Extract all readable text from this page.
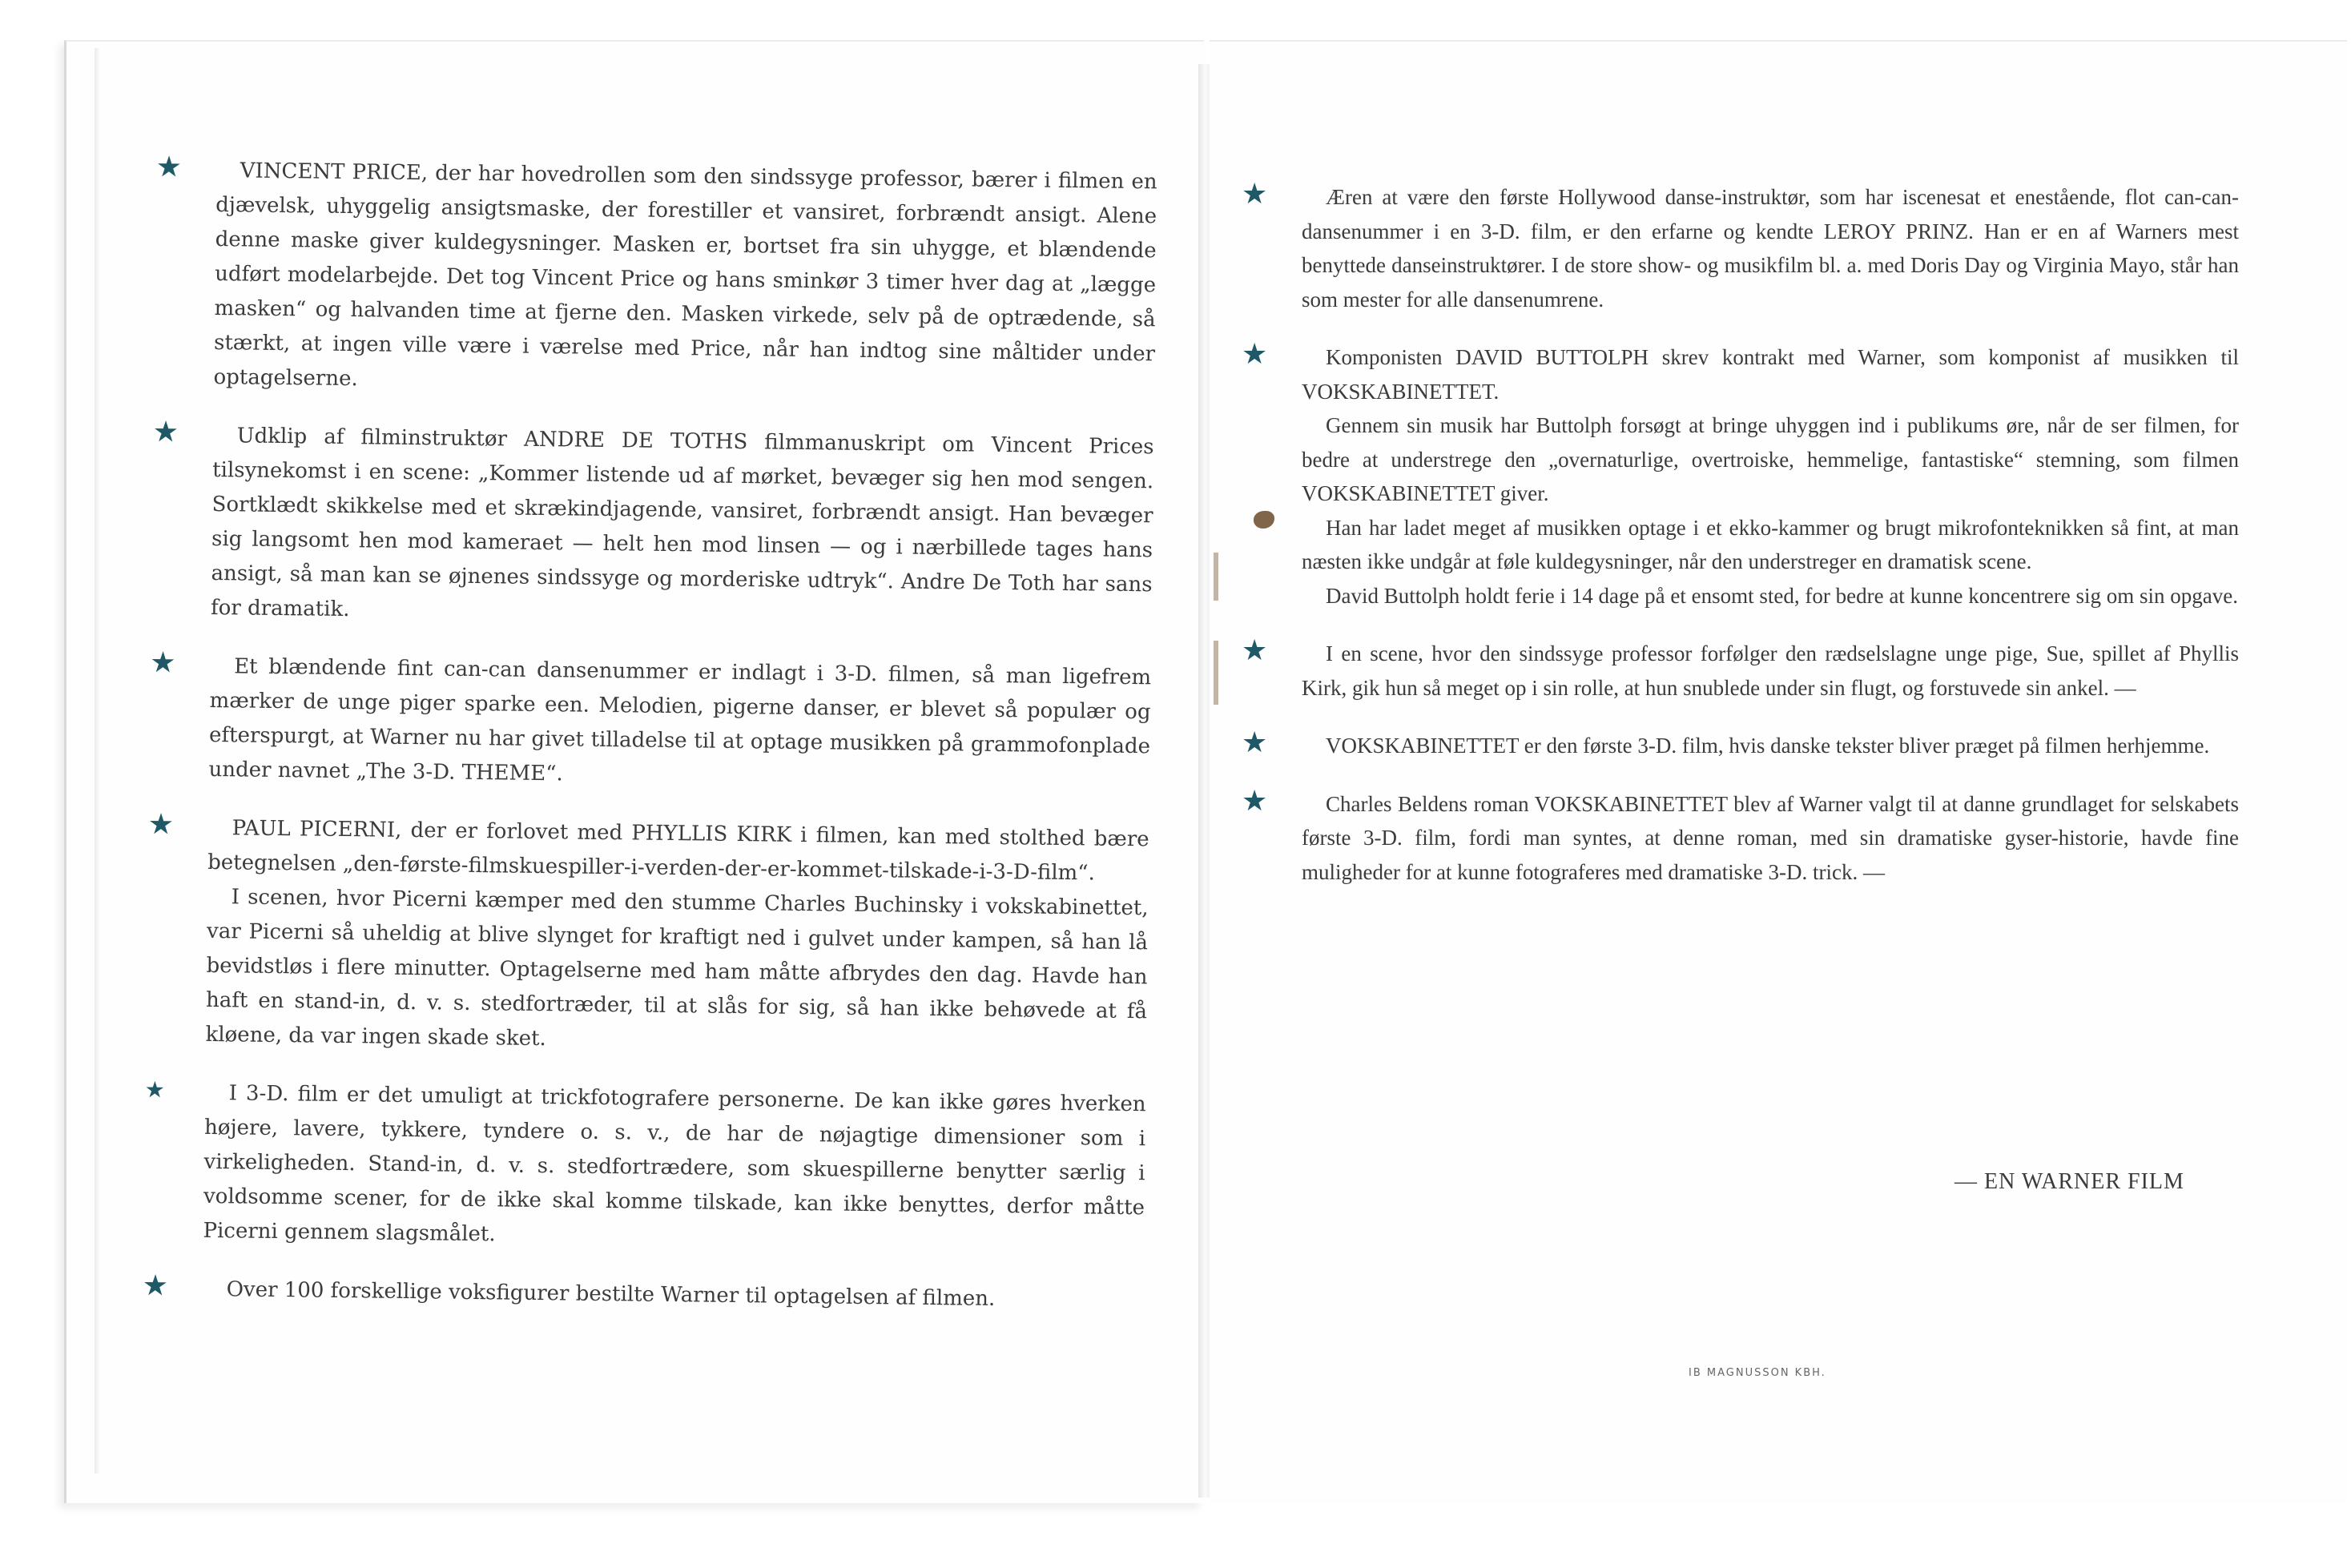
★	VINCENT PRICE, der har hovedrollen som den sindssyge professor, bærer i filmen en djævelsk, uhyggelig ansigtsmaske, der forestiller et vansiret, forbrændt ansigt. Alene denne maske giver kuldegysninger. Masken er, bortset fra sin uhygge, et blændende udført modelarbejde. Det tog Vincent Price og hans sminkør 3 timer hver dag at „lægge masken“ og halvanden time at fjerne den. Masken virkede, selv på de optrædende, så stærkt, at ingen ville være i værelse med Price, når han indtog sine måltider under optagelserne.

★	Udklip af filminstruktør ANDRE DE TOTHS filmmanuskript om Vincent Prices tilsynekomst i en scene: „Kommer listende ud af mørket, bevæger sig hen mod sengen. Sortklædt skikkelse med et skrækindjagende, vansiret, forbrændt ansigt. Han bevæger sig langsomt hen mod kameraet — helt hen mod linsen — og i nærbillede tages hans ansigt, så man kan se øjnenes sindssyge og morderiske udtryk“. Andre De Toth har sans for dramatik.

★	Et blændende fint can-can dansenummer er indlagt i 3-D. filmen, så man ligefrem mærker de unge piger sparke een. Melodien, pigerne danser, er blevet så populær og efterspurgt, at Warner nu har givet tilladelse til at optage musikken på grammofonplade under navnet „The 3-D. THEME“.

★	PAUL PICERNI, der er forlovet med PHYLLIS KIRK i filmen, kan med stolthed bære betegnelsen „den-første-filmskuespiller-i-verden-der-er-kommet-tilskade-i-3-D-film“.

I scenen, hvor Picerni kæmper med den stumme Charles Buchinsky i vokskabinettet, var Picerni så uheldig at blive slynget for kraftigt ned i gulvet under kampen, så han lå bevidstløs i flere minutter. Optagelserne med ham måtte afbrydes den dag. Havde han haft en stand-in, d. v. s. stedfortræder, til at slås for sig, så han ikke behøvede at få kløene, da var ingen skade sket.

★	I 3-D. film er det umuligt at trickfotografere personerne. De kan ikke gøres hverken højere, lavere, tykkere, tyndere o. s. v., de har de nøjagtige dimensioner som i virkeligheden. Stand-in, d. v. s. stedfortrædere, som skuespillerne benytter særlig i voldsomme scener, for de ikke skal komme tilskade, kan ikke benyttes, derfor måtte Picerni gennem slagsmålet.

★	Over 100 forskellige voksfigurer bestilte Warner til optagelsen af filmen.

★	Æren at være den første Hollywood danse-instruktør, som har iscenesat et enestående, flot can-can-dansenummer i en 3-D. film, er den erfarne og kendte LEROY PRINZ. Han er en af Warners mest benyttede danseinstruktører. I de store show- og musikfilm bl. a. med Doris Day og Virginia Mayo, står han som mester for alle dansenumrene.

★	Komponisten DAVID BUTTOLPH skrev kontrakt med Warner, som komponist af musikken til VOKSKABINETTET.

Gennem sin musik har Buttolph forsøgt at bringe uhyggen ind i publikums øre, når de ser filmen, for bedre at understrege den „overnaturlige, overtroiske, hemmelige, fantastiske“ stemning, som filmen VOKSKABINETTET giver.

Han har ladet meget af musikken optage i et ekko-kammer og brugt mikrofonteknikken så fint, at man næsten ikke undgår at føle kuldegysninger, når den understreger en dramatisk scene.

David Buttolph holdt ferie i 14 dage på et ensomt sted, for bedre at kunne koncentrere sig om sin opgave.

★	I en scene, hvor den sindssyge professor forfølger den rædselslagne unge pige, Sue, spillet af Phyllis Kirk, gik hun så meget op i sin rolle, at hun snublede under sin flugt, og forstuvede sin ankel. —

★	VOKSKABINETTET er den første 3-D. film, hvis danske tekster bliver præget på filmen herhjemme.

★	Charles Beldens roman VOKSKABINETTET blev af Warner valgt til at danne grundlaget for selskabets første 3-D. film, fordi man syntes, at denne roman, med sin dramatiske gyser-historie, havde fine muligheder for at kunne fotograferes med dramatiske 3-D. trick. —

— EN WARNER FILM
IB MAGNUSSON KBH.
